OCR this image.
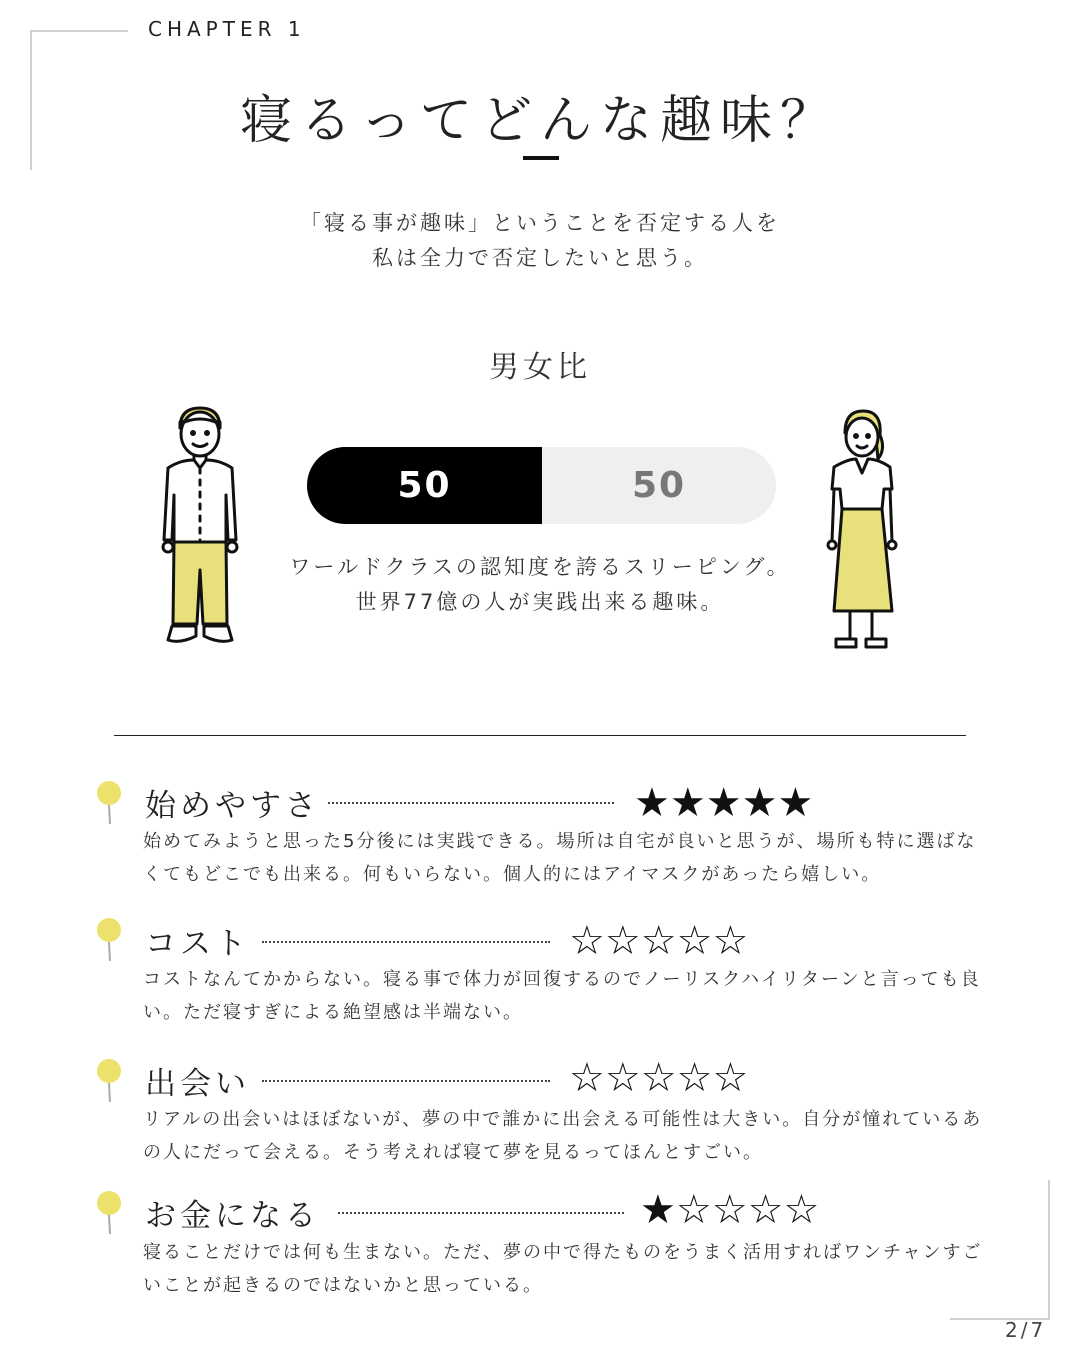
CHAPTER 1
寝るってどんな趣味？
「寝る事が趣味」ということを否定する人を
私は全力で否定したいと思う。
男女比
50	50
ワールドクラスの認知度を誇るスリーピング。
世界77億の人が実践出来る趣味。
始めやすさ	★★★★★
始めてみようと思った5分後には実践できる。場所は自宅が良いと思うが、場所も特に選ばな
くてもどこでも出来る。何もいらない。個人的にはアイマスクがあったら嬉しい。
コスト	☆☆☆☆☆
コストなんてかからない。寝る事で体力が回復するのでノーリスクハイリターンと言っても良
い。ただ寝すぎによる絶望感は半端ない。
出会い	☆☆☆☆☆
リアルの出会いはほぼないが、夢の中で誰かに出会える可能性は大きい。自分が憧れているあ
の人にだって会える。そう考えれば寝て夢を見るってほんとすごい。
お金になる	★☆☆☆☆
寝ることだけでは何も生まない。ただ、夢の中で得たものをうまく活用すればワンチャンすご
いことが起きるのではないかと思っている。
2/7
